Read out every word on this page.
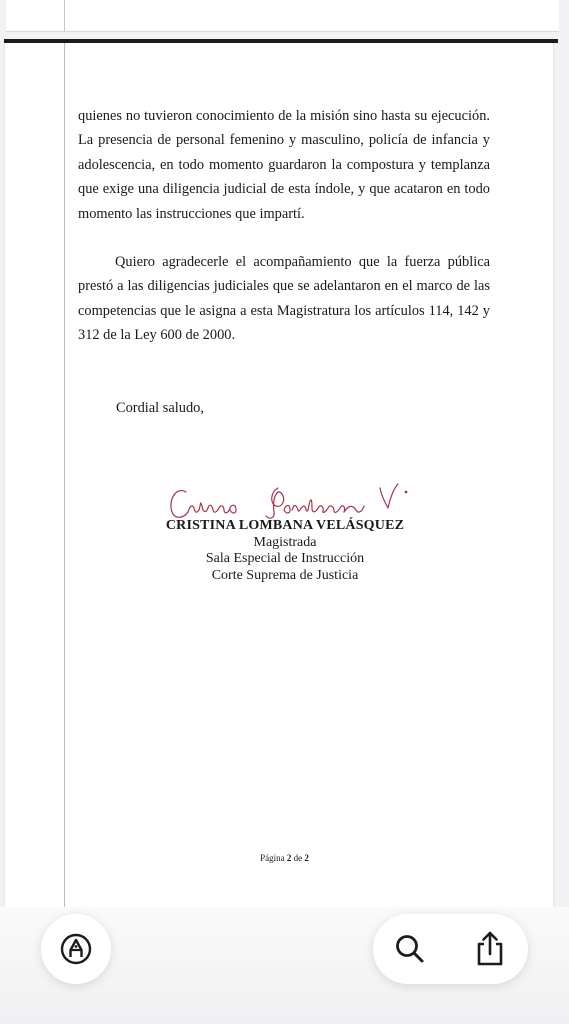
quienes no tuvieron conocimiento de la misión sino hasta su ejecución. La presencia de personal femenino y masculino, policía de infancia y adolescencia, en todo momento guardaron la compostura y templanza que exige una diligencia judicial de esta índole, y que acataron en todo momento las instrucciones que impartí.

Quiero agradecerle el acompañamiento que la fuerza pública prestó a las diligencias judiciales que se adelantaron en el marco de las competencias que le asigna a esta Magistratura los artículos 114, 142 y 312 de la Ley 600 de 2000.

Cordial saludo,
CRISTINA LOMBANA VELÁSQUEZ
Magistrada
Sala Especial de Instrucción
Corte Suprema de Justicia
Página 2 de 2
